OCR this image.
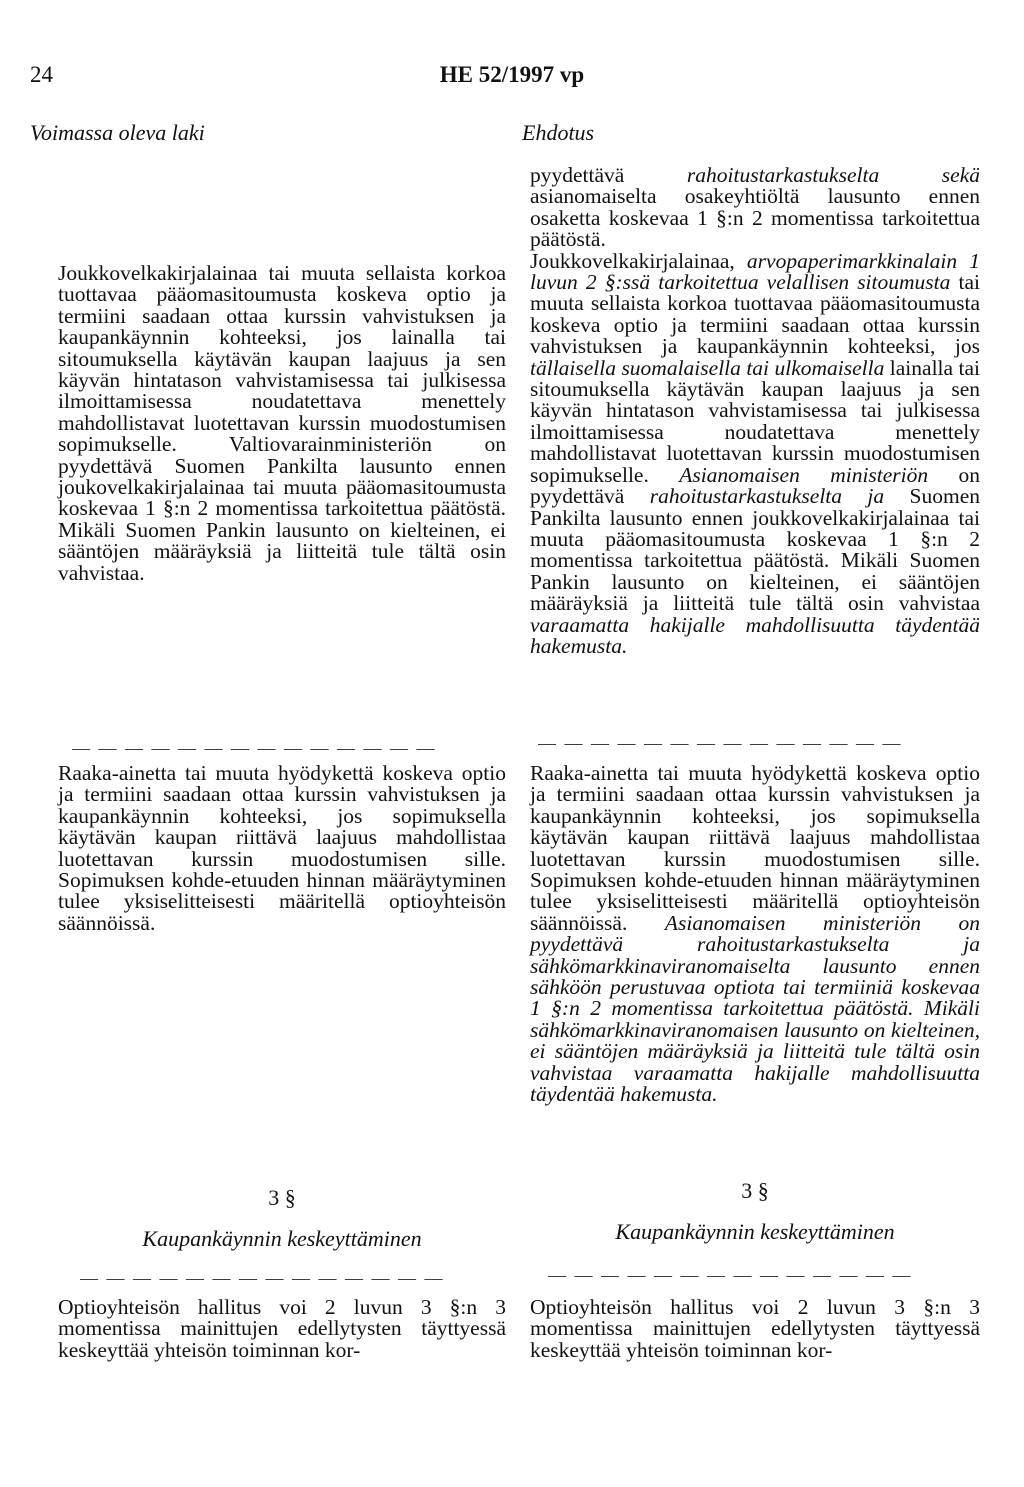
24	HE 52/1997 vp
Voimassa oleva laki	Ehdotus

Joukkovelkakirjalainaa tai muuta sellaista korkoa tuottavaa pääomasitoumusta koskeva optio ja termiini saadaan ottaa kurssin vahvistuksen ja kaupankäynnin kohteeksi, jos lainalla tai sitoumuksella käytävän kaupan laajuus ja sen käyvän hintatason vahvistamisessa tai julkisessa ilmoittamisessa noudatettava menettely mahdollistavat luotettavan kurssin muodostumisen sopimukselle. Valtiovarainministeriön on pyydettävä Suomen Pankilta lausunto ennen joukovelkakirjalainaa tai muuta pääomasitoumusta koskevaa 1 §:n 2 momentissa tarkoitettua päätöstä. Mikäli Suomen Pankin lausunto on kielteinen, ei sääntöjen määräyksiä ja liitteitä tule tältä osin vahvistaa.

— — — — — — — — — — — — — —

Raaka-ainetta tai muuta hyödykettä koskeva optio ja termiini saadaan ottaa kurssin vahvistuksen ja kaupankäynnin kohteeksi, jos sopimuksella käytävän kaupan riittävä laajuus mahdollistaa luotettavan kurssin muodostumisen sille. Sopimuksen kohde-etuuden hinnan määräytyminen tulee yksiselitteisesti määritellä optioyhteisön säännöissä.

3 §
Kaupankäynnin keskeyttäminen
— — — — — — — — — — — — — —

Optioyhteisön hallitus voi 2 luvun 3 §:n 3 momentissa mainittujen edellytysten täyttyessä keskeyttää yhteisön toiminnan kor-

pyydettävä rahoitustarkastukselta sekä asianomaiselta osakeyhtiöltä lausunto ennen osakettа koskevaa 1 §:n 2 momentissa tarkoitettua päätöstä.

Joukkovelkakirjalainaa, arvopaperimarkkinalain 1 luvun 2 §:ssä tarkoitettua velallisen sitoumusta tai muuta sellaista korkoa tuottavaa pääomasitoumusta koskeva optio ja termiini saadaan ottaa kurssin vahvistuksen ja kaupankäynnin kohteeksi, jos tällaisella suomalaisella tai ulkomaisella lainalla tai sitoumuksella käytävän kaupan laajuus ja sen käyvän hintatason vahvistamisessa tai julkisessa ilmoittamisessa noudatettava menettely mahdollistavat luotettavan kurssin muodostumisen sopimukselle. Asianomaisen ministeriön on pyydettävä rahoitustarkastukselta ja Suomen Pankilta lausunto ennen joukkovelkakirjalainaa tai muuta pääomasitoumusta koskevaa 1 §:n 2 momentissa tarkoitettua päätöstä. Mikäli Suomen Pankin lausunto on kielteinen, ei sääntöjen määräyksiä ja liitteitä tule tältä osin vahvistaa varaamatta hakijalle mahdollisuutta täydentää hakemusta.

— — — — — — — — — — — — — —

Raaka-ainetta tai muuta hyödykettä koskeva optio ja termiini saadaan ottaa kurssin vahvistuksen ja kaupankäynnin kohteeksi, jos sopimuksella käytävän kaupan riittävä laajuus mahdollistaa luotettavan kurssin muodostumisen sille. Sopimuksen kohde-etuuden hinnan määräytyminen tulee yksiselitteisesti määritellä optioyhteisön säännöissä. Asianomaisen ministeriön on pyydettävä rahoitustarkastukselta ja sähkömarkkinaviranomaiselta lausunto ennen sähköön perustuvaa optiota tai termiiniä koskevaa 1 §:n 2 momentissa tarkoitettua päätöstä. Mikäli sähkömarkkinaviranomaisen lausunto on kielteinen, ei sääntöjen määräyksiä ja liitteitä tule tältä osin vahvistaa varaamatta hakijalle mahdollisuutta täydentää hakemusta.

3 §
Kaupankäynnin keskeyttäminen
— — — — — — — — — — — — — —

Optioyhteisön hallitus voi 2 luvun 3 §:n 3 momentissa mainittujen edellytysten täyttyessä keskeyttää yhteisön toiminnan kor-
